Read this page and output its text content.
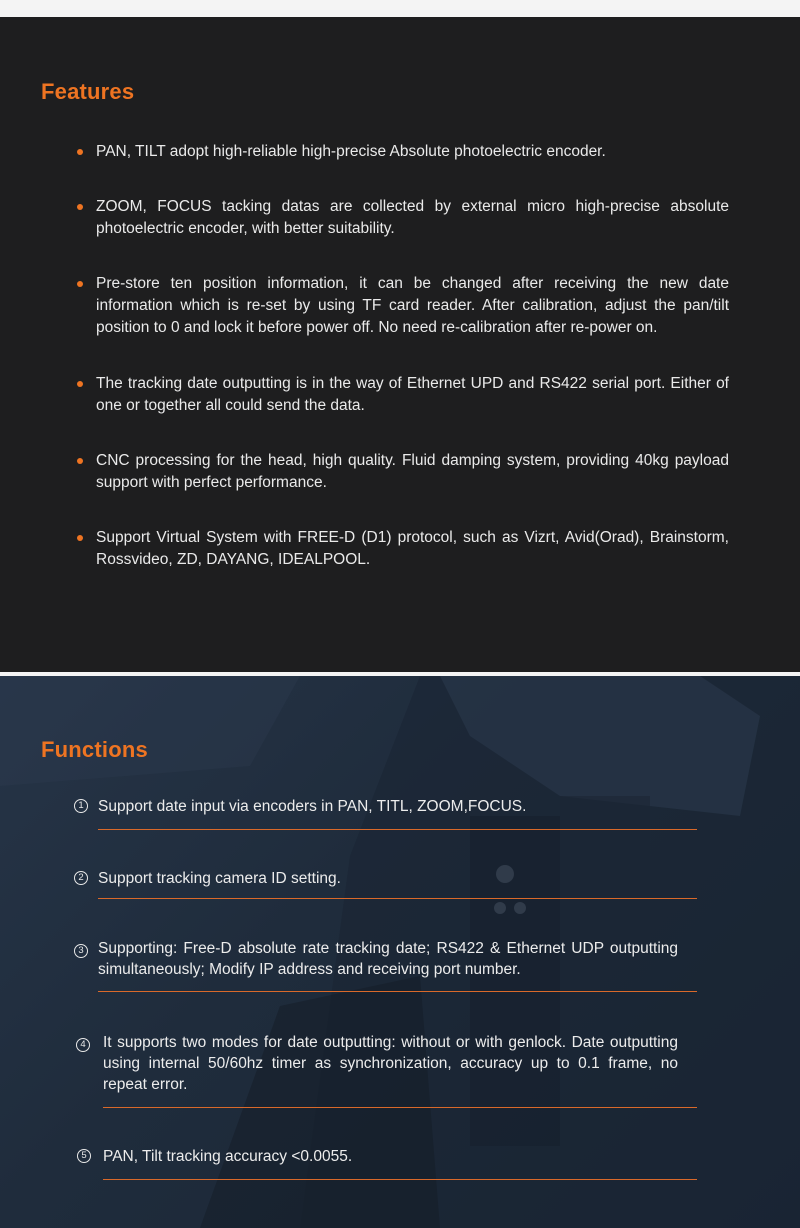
Features

PAN, TILT adopt high-reliable high-precise Absolute photoelectric encoder.

ZOOM, FOCUS tacking datas are collected by external micro high-precise absolute photoelectric encoder, with better suitability.

Pre-store ten position information, it can be changed after receiving the new date information which is re-set by using TF card reader. After calibration, adjust the pan/tilt position to 0 and lock it before power off. No need re-calibration after re-power on.

The tracking date outputting is in the way of Ethernet UPD and RS422 serial port. Either of one or together all could send the data.

CNC processing for the head, high quality. Fluid damping system, providing 40kg payload support with perfect performance.

Support Virtual System with FREE-D (D1) protocol, such as Vizrt, Avid(Orad), Brainstorm, Rossvideo, ZD, DAYANG, IDEALPOOL.

Functions
1 Support date input via encoders in PAN, TITL, ZOOM,FOCUS.

2 Support tracking camera ID setting.

3 Supporting: Free-D absolute rate tracking date; RS422 & Ethernet UDP outputting simultaneously; Modify IP address and receiving port number.

4 It supports two modes for date outputting: without or with genlock. Date outputting using internal 50/60hz timer as synchronization, accuracy up to 0.1 frame, no repeat error.

5 PAN, Tilt tracking accuracy <0.0055.
